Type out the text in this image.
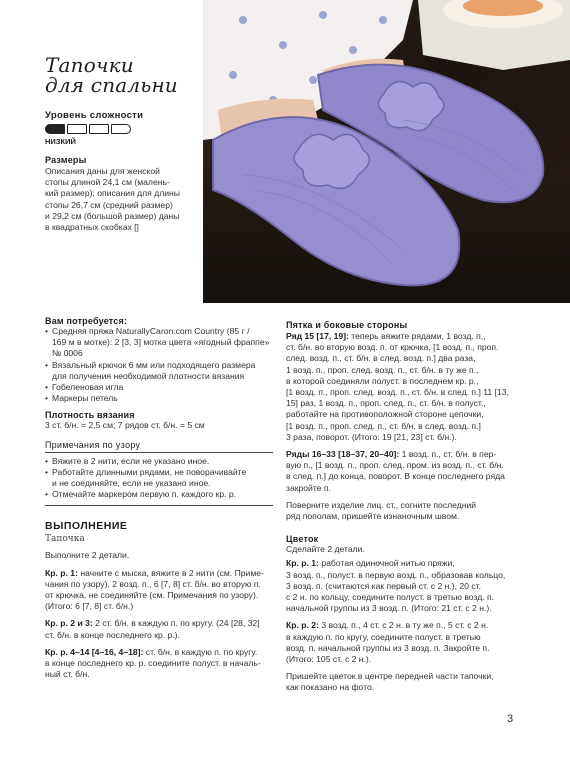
Тапочки
для спальни
Уровень сложности
НИЗКИЙ
Размеры

Описания даны для женской

стопы длиной 24,1 см (малень-

кий размер); описания для длины

стопы 26,7 см (средний размер)

и 29,2 см (большой размер) даны

в квадратных скобках []

Вам потребуется:
• Средняя пряжа NaturallyCaron.com Country (85 г /
169 м в мотке): 2 [3, 3] мотка цвета «ягодный фраппе»
№ 0006
• Вязальный крючок 6 мм или подходящего размера
для получения необходимой плотности вязания
• Гобеленовая игла
• Маркеры петель
Плотность вязания
3 ст. б/н. = 2,5 см; 7 рядов ст. б/н. = 5 см
Примечания по узору
• Вяжите в 2 нити, если не указано иное.
• Работайте длинными рядами, не поворачивайте
и не соединяйте, если не указано иное.
• Отмечайте маркером первую п. каждого кр. р.
ВЫПОЛНЕНИЕ
Тапочка
Выполните 2 детали.
Кр. р. 1: начните с мыска, вяжите в 2 нити (см. Приме-
чания по узору), 2 возд. п., 6 [7, 8] ст. б/н. во вторую п.
от крючка, не соединяйте (см. Примечания по узору).
(Итого: 6 [7, 8] ст. б/н.)
Кр. р. 2 и 3: 2 ст. б/н. в каждую п. по кругу. (24 [28, 32]
ст. б/н. в конце последнего кр. р.).
Кр. р. 4–14 [4–16, 4–18]: ст. б/н. в каждую п. по кругу.
в конце последнего кр. р. соедините полуст. в началь-
ный ст. б/н.
Пятка и боковые стороны
Ряд 15 [17, 19]: теперь вяжите рядами, 1 возд. п.,
ст. б/н. во вторую возд. п. от крючка, [1 возд. п., проп.
след. возд. п., ст. б/н. в след. возд. п.] два раза,
1 возд. п., проп. след. возд. п., ст. б/н. в ту же п.,
в которой соединяли полуст. в последнем кр. р.,
[1 возд. п., проп. след. возд. п., ст. б/н. в след. п.] 11 [13,
15] раз, 1 возд. п., проп. след. п., ст. б/н. в полуст.,
работайте на противоположной стороне цепочки,
[1 возд. п., проп. след. п., ст. б/н. в след. возд. п.]
3 раза, поворот. (Итого: 19 [21, 23] ст. б/н.).
Ряды 16–33 [18–37, 20–40]: 1 возд. п., ст. б/н. в пер-
вую п., [1 возд. п., проп. след. пром. из возд. п., ст. б/н.
в след. п.] до конца, поворот. В конце последнего ряда
закройте п.
Поверните изделие лиц. ст., согните последний
ряд пополам, пришейте изнаночным швом.
Цветок
Сделайте 2 детали.
Кр. р. 1: работая одиночной нитью пряжи,
3 возд. п., полуст. в первую возд. п., образовав кольцо,
3 возд. п. (считаются как первый ст. с 2 н.), 20 ст.
с 2 н. по кольцу, соедините полуст. в третью возд. п.
начальной группы из 3 возд. п. (Итого: 21 ст. с 2 н.).
Кр. р. 2: 3 возд. п., 4 ст. с 2 н. в ту же п., 5 ст. с 2 н.
в каждую п. по кругу, соедините полуст. в третью
возд. п. начальной группы из 3 возд. п. Закройте п.
(Итого: 105 ст. с 2 н.).
Пришейте цветок в центре передней части тапочки,
как показано на фото.
3
